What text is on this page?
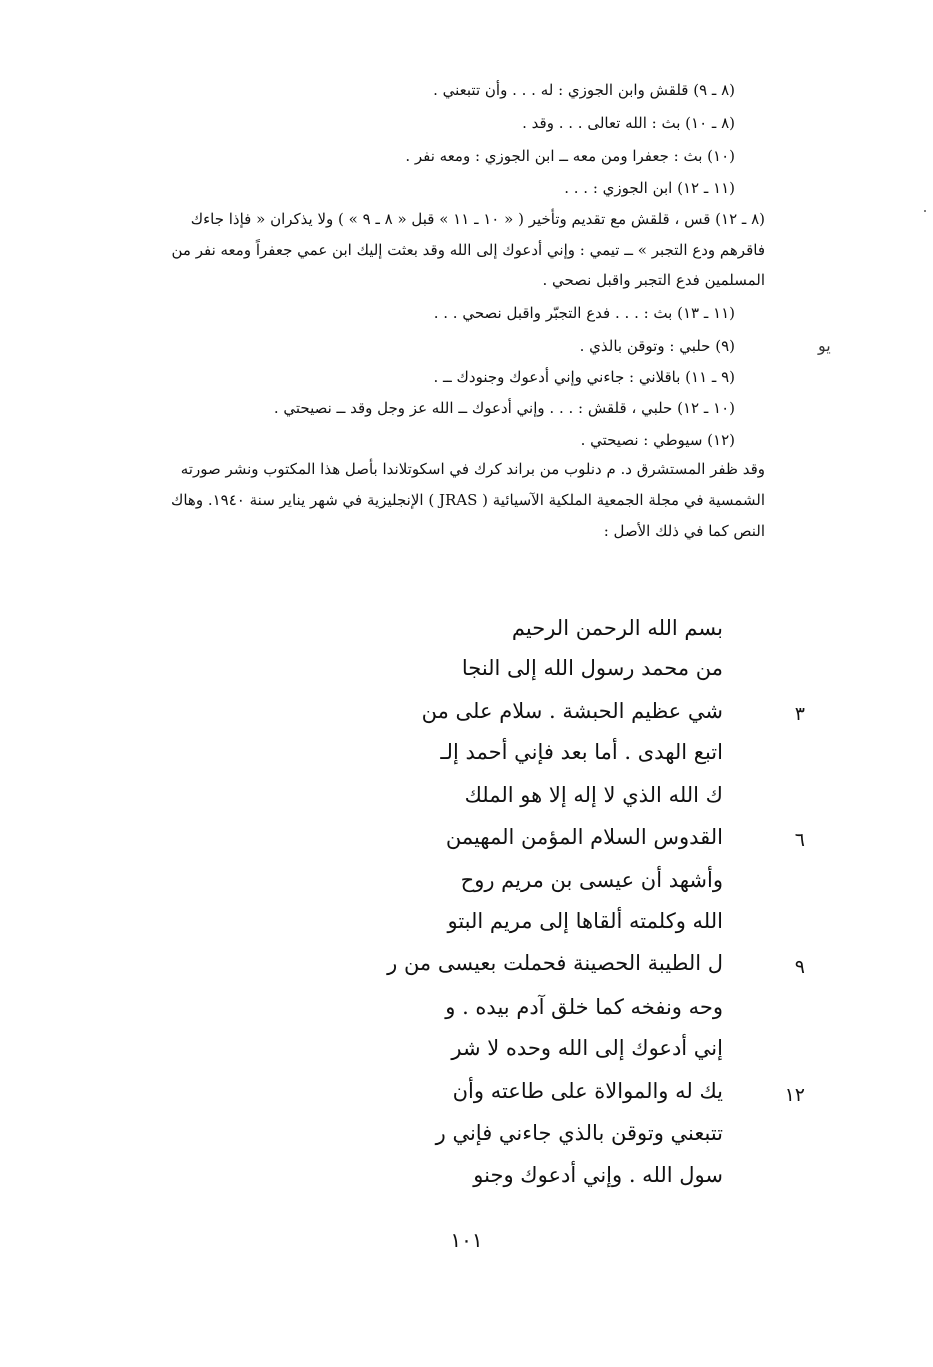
(٨ ـ ٩) قلقش وابن الجوزي : له . . . وأن تتبعني .
(٨ ـ ١٠) بث : الله تعالى . . . وقد .
(١٠) بث : جعفرا ومن معه ــ ابن الجوزي : ومعه نفر .
(١١ ـ ١٢) ابن الجوزي : . . .
(٨ ـ ١٢) قس ، قلقش مع تقديم وتأخير ( « ١٠ ـ ١١ » قبل « ٨ ـ ٩ » ) ولا يذكران « فإذا جاءك
فاقرهم ودع التجبر » ــ تيمي : وإني أدعوك إلى الله وقد بعثت إليك ابن عمي جعفراً ومعه نفر من
المسلمين فدع التجبر واقبل نصحي .
(١١ ـ ١٣) بث : . . . فدع التجبّر واقبل نصحي . . .
(٩) حلبي : وتوقن بالذي .
(٩ ـ ١١) باقلاني : جاءني وإني أدعوك وجنودك ــ .
(١٠ ـ ١٢) حلبي ، قلقش : . . . وإني أدعوك ــ الله عز وجل وقد ــ نصيحتي .
(١٢) سيوطي : نصيحتي .
وقد ظفر المستشرق د. م دنلوب من براند كرك في اسكوتلاندا بأصل هذا المكتوب ونشر صورته
الشمسية في مجلة الجمعية الملكية الآسيائية ( JRAS ) الإنجليزية في شهر يناير سنة ١٩٤٠. وهاك
النص كما في ذلك الأصل :
يو
بسم الله الرحمن الرحيم
من محمد رسول الله إلى النجا
شي عظيم الحبشة . سلام على من
اتبع الهدى . أما بعد فإني أحمد إلـ
ك الله الذي لا إله إلا هو الملك
القدوس السلام المؤمن المهيمن
وأشهد أن عيسى بن مريم روح
الله وكلمته ألقاها إلى مريم البتو
ل الطيبة الحصينة فحملت بعيسى من ر
وحه ونفخه كما خلق آدم بيده . و
إني أدعوك إلى الله وحده لا شر
يك له والموالاة على طاعته وأن
تتبعني وتوقن بالذي جاءني فإني ر
سول الله . وإني أدعوك وجنو
٣
٦
٩
١٢
١٠١
